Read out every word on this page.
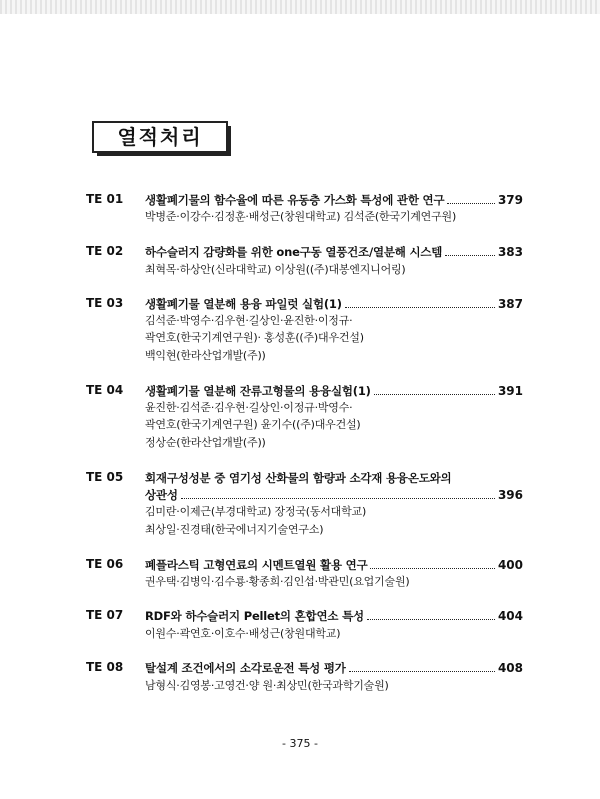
열적처리
TE 01 생활폐기물의 함수율에 따른 유동층 가스화 특성에 관한 연구	379
박병준·이강수·김정훈·배성근(창원대학교) 김석준(한국기계연구원)
TE 02 하수슬러지 감량화를 위한 one구동 열풍건조/열분해 시스템	383
최혁목·하상안(신라대학교) 이상원((주)대봉엔지니어링)
TE 03 생활폐기물 열분해 용융 파일럿 실험(1)	387
김석준·박영수·김우현·길상인·윤진한·이정규·
곽연호(한국기계연구원)· 홍성훈((주)대우건설)
백익현(한라산업개발(주))
TE 04 생활폐기물 열분해 잔류고형물의 용융실험(1)	391
윤진한·김석준·김우현·길상인·이정규·박영수·
곽연호(한국기계연구원) 윤기수((주)대우건설)
정상순(한라산업개발(주))
TE 05 회재구성성분 중 염기성 산화물의 함량과 소각재 용융온도와의
상관성	396
김미란·이제근(부경대학교) 장정국(동서대학교)
최상일·진경태(한국에너지기술연구소)
TE 06 폐플라스틱 고형연료의 시멘트열원 활용 연구	400
권우택·김병익·김수룡·황종희·김인섭·박관민(요업기술원)
TE 07 RDF와 하수슬러지 Pellet의 혼합연소 특성	404
이원수·곽연호·이호수·배성근(창원대학교)
TE 08 탈설계 조건에서의 소각로운전 특성 평가	408
남형식·김영봉·고영건·양 원·최상민(한국과학기술원)
- 375 -
